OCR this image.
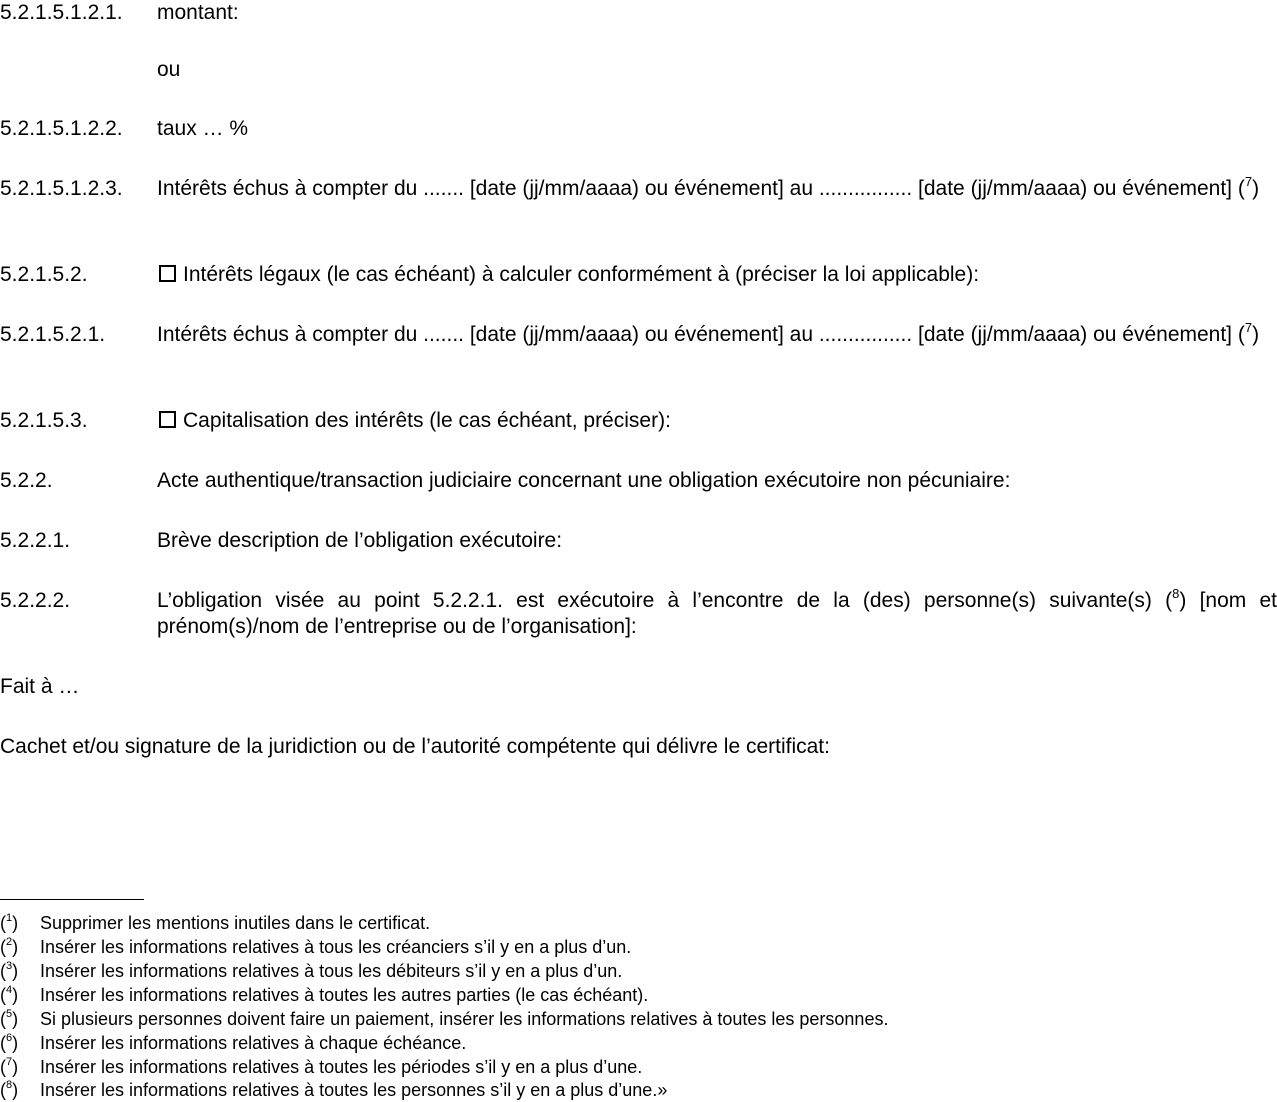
5.2.1.5.1.2.1. montant:
ou
5.2.1.5.1.2.2. taux … %
5.2.1.5.1.2.3. Intérêts échus à compter du ....... [date (jj/mm/aaaa) ou événement] au ................ [date (jj/mm/aaaa) ou événement] ($^7$)
5.2.1.5.2.	Intérêts légaux (le cas échéant) à calculer conformément à (préciser la loi applicable):
5.2.1.5.2.1. Intérêts échus à compter du ....... [date (jj/mm/aaaa) ou événement] au ................ [date (jj/mm/aaaa) ou événement] ($^7$)
5.2.1.5.3.	Capitalisation des intérêts (le cas échéant, préciser):
5.2.2.	Acte authentique/transaction judiciaire concernant une obligation exécutoire non pécuniaire:
5.2.2.1.	Brève description de l’obligation exécutoire:
5.2.2.2.	L’obligation visée au point 5.2.2.1. est exécutoire à l’encontre de la (des) personne(s) suivante(s) ($^8$) [nom et prénom(s)/nom de l’entreprise ou de l’organisation]:
Fait à …
Cachet et/ou signature de la juridiction ou de l’autorité compétente qui délivre le certificat:
($^1$) Supprimer les mentions inutiles dans le certificat.
($^2$) Insérer les informations relatives à tous les créanciers s’il y en a plus d’un.
($^3$) Insérer les informations relatives à tous les débiteurs s’il y en a plus d’un.
($^4$) Insérer les informations relatives à toutes les autres parties (le cas échéant).
($^5$) Si plusieurs personnes doivent faire un paiement, insérer les informations relatives à toutes les personnes.
($^6$) Insérer les informations relatives à chaque échéance.
($^7$) Insérer les informations relatives à toutes les périodes s’il y en a plus d’une.
($^8$) Insérer les informations relatives à toutes les personnes s’il y en a plus d’une.»
